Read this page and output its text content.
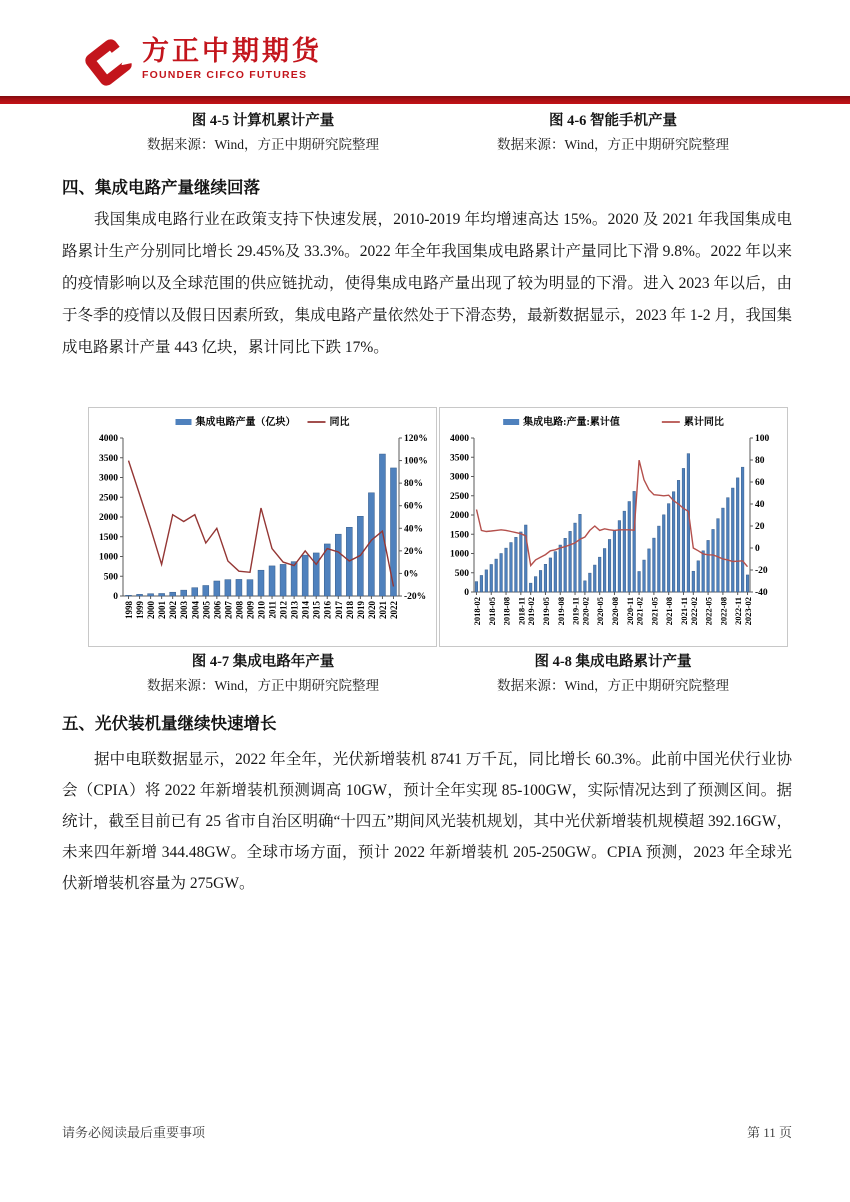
方正中期期货
FOUNDER CIFCO FUTURES
图 4-5 计算机累计产量
数据来源：Wind，方正中期研究院整理
图 4-6 智能手机产量
数据来源：Wind，方正中期研究院整理
四、集成电路产量继续回落
我国集成电路行业在政策支持下快速发展，2010-2019 年均增速高达 15%。2020 及 2021 年我国集成电路累计生产分别同比增长 29.45%及 33.3%。2022 年全年我国集成电路累计产量同比下滑 9.8%。2022 年以来的疫情影响以及全球范围的供应链扰动，使得集成电路产量出现了较为明显的下滑。进入 2023 年以后，由于冬季的疫情以及假日因素所致，集成电路产量依然处于下滑态势，最新数据显示，2023 年 1-2 月，我国集成电路累计产量 443 亿块，累计同比下跌 17%。
0
500
1000
1500
2000
2500
3000
3500
4000
-20%
0%
20%
40%
60%
80%
100%
120%
1998 1999 2000 2001 2002 2003 2004 2005 2006 2007 2008 2009 2010 2011 2012 2013 2014 2015 2016 2017 2018 2019 2020 2021 2022
集成电路产量（亿块）	同比
0
500
1000
1500
2000
2500
3000
3500
4000
-40
-20
0
20
40
60
80
100
2018-02 2018-05 2018-08 2018-11 2019-02 2019-05 2019-08 2019-11 2020-02 2020-05 2020-08 2020-11 2021-02 2021-05 2021-08 2021-11 2022-02 2022-05 2022-08 2022-11 2023-02
集成电路:产量:累计值	累计同比
图 4-7 集成电路年产量
数据来源：Wind，方正中期研究院整理
图 4-8 集成电路累计产量
数据来源：Wind，方正中期研究院整理
五、光伏装机量继续快速增长
据中电联数据显示，2022 年全年，光伏新增装机 8741 万千瓦，同比增长 60.3%。此前中国光伏行业协会（CPIA）将 2022 年新增装机预测调高 10GW，预计全年实现 85-100GW，实际情况达到了预测区间。据统计，截至目前已有 25 省市自治区明确“十四五”期间风光装机规划，其中光伏新增装机规模超 392.16GW，未来四年新增 344.48GW。全球市场方面，预计 2022 年新增装机 205-250GW。CPIA 预测，2023 年全球光伏新增装机容量为 275GW。
请务必阅读最后重要事项	第 11 页
